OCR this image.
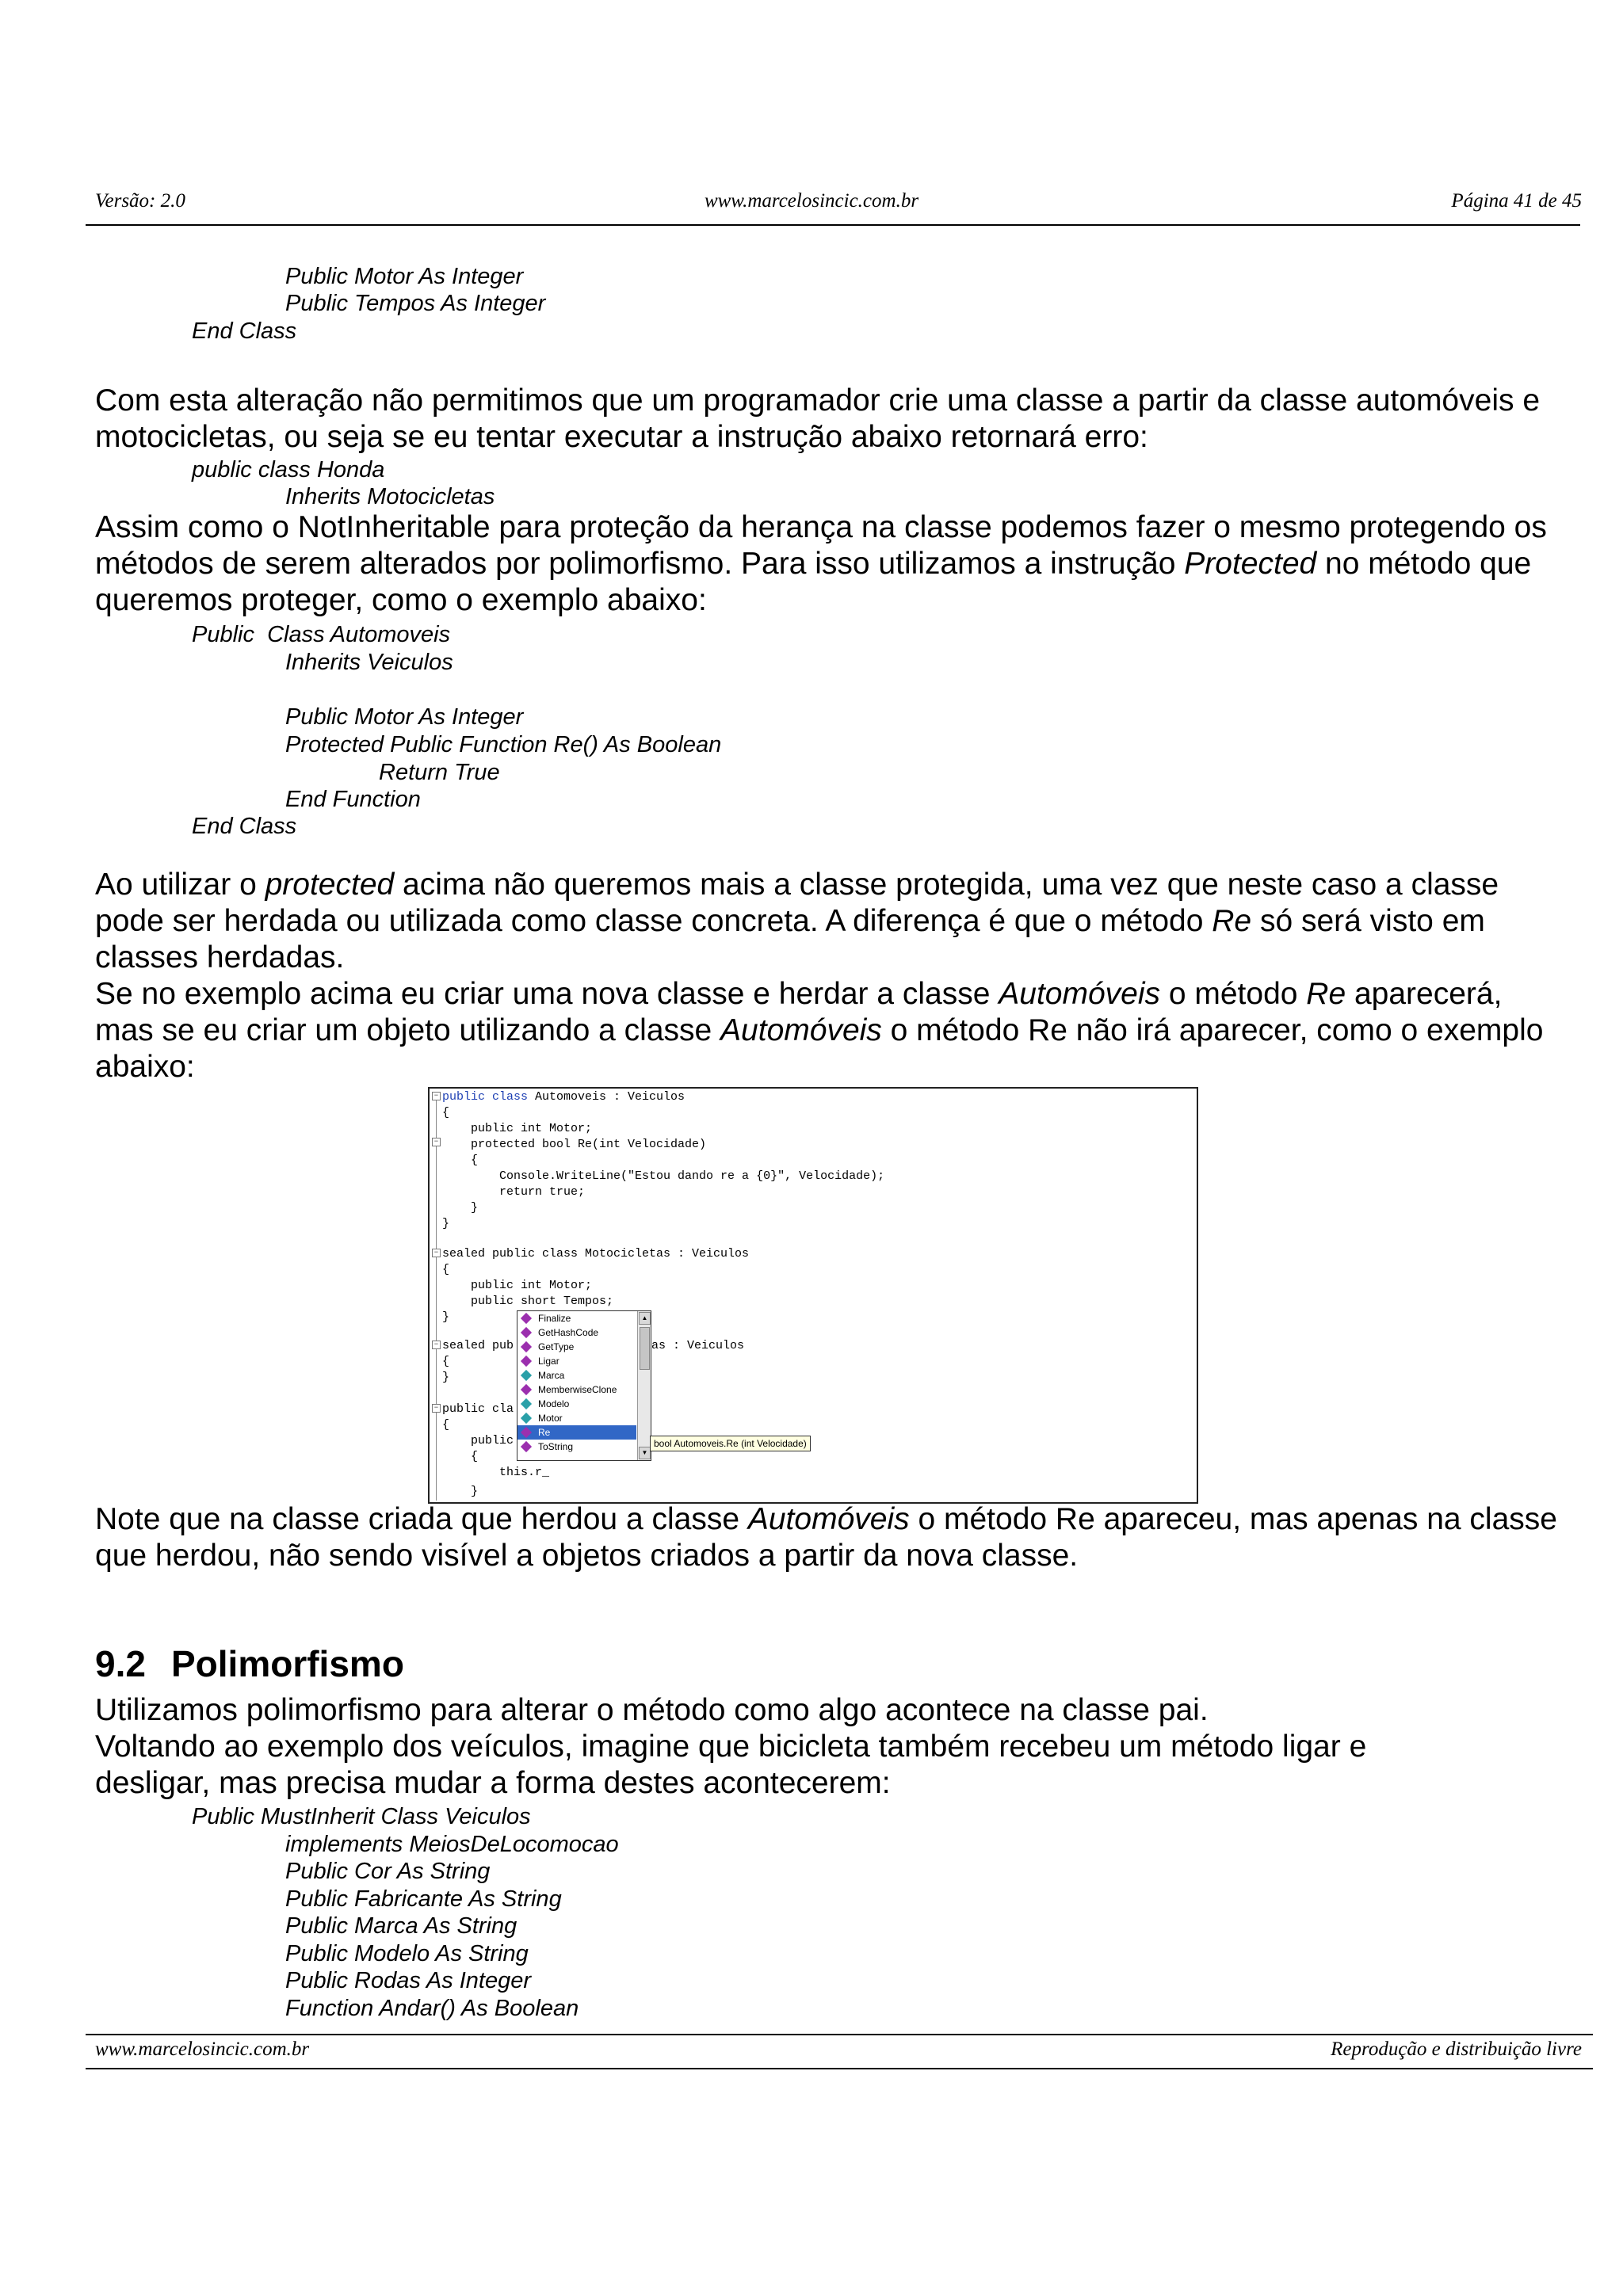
Versão: 2.0	www.marcelosincic.com.br	Página 41 de 45
Public Motor As Integer
Public Tempos As Integer
End Class
Com esta alteração não permitimos que um programador crie uma classe a partir da classe automóveis e motocicletas, ou seja se eu tentar executar a instrução abaixo retornará erro:
public class Honda
Inherits Motocicletas
Assim como o NotInheritable para proteção da herança na classe podemos fazer o mesmo protegendo os métodos de serem alterados por polimorfismo. Para isso utilizamos a instrução Protected no método que queremos proteger, como o exemplo abaixo:
Public  Class Automoveis
Inherits Veiculos
Public Motor As Integer
Protected Public Function Re() As Boolean
Return True
End Function
End Class
Ao utilizar o protected acima não queremos mais a classe protegida, uma vez que neste caso a classe pode ser herdada ou utilizada como classe concreta. A diferença é que o método Re só será visto em classes herdadas.
Se no exemplo acima eu criar uma nova classe e herdar a classe Automóveis o método Re aparecerá, mas se eu criar um objeto utilizando a classe Automóveis o método Re não irá aparecer, como o exemplo abaixo:
−
−
−
−
−
public class Automoveis : Veiculos
{
public int Motor;
protected bool Re(int Velocidade)
{
Console.WriteLine("Estou dando re a {0}", Velocidade);
return true;
}
}
sealed public class Motocicletas : Veiculos
{
public int Motor;
public short Tempos;
}
sealed pub	as : Veiculos
{
}
public cla
{
public
{
this.r_
}
Finalize
GetHashCode
GetType
Ligar
Marca
MemberwiseClone
Modelo
Motor
Re
ToString
▲
▼
bool Automoveis.Re (int Velocidade)
Note que na classe criada que herdou a classe Automóveis o método Re apareceu, mas apenas na classe que herdou, não sendo visível a objetos criados a partir da nova classe.
9.2 Polimorfismo
Utilizamos polimorfismo para alterar o método como algo acontece na classe pai.
Voltando ao exemplo dos veículos, imagine que bicicleta também recebeu um método ligar e desligar, mas precisa mudar a forma destes acontecerem:
Public MustInherit Class Veiculos
implements MeiosDeLocomocao
Public Cor As String
Public Fabricante As String
Public Marca As String
Public Modelo As String
Public Rodas As Integer
Function Andar() As Boolean
www.marcelosincic.com.br	Reprodução e distribuição livre
